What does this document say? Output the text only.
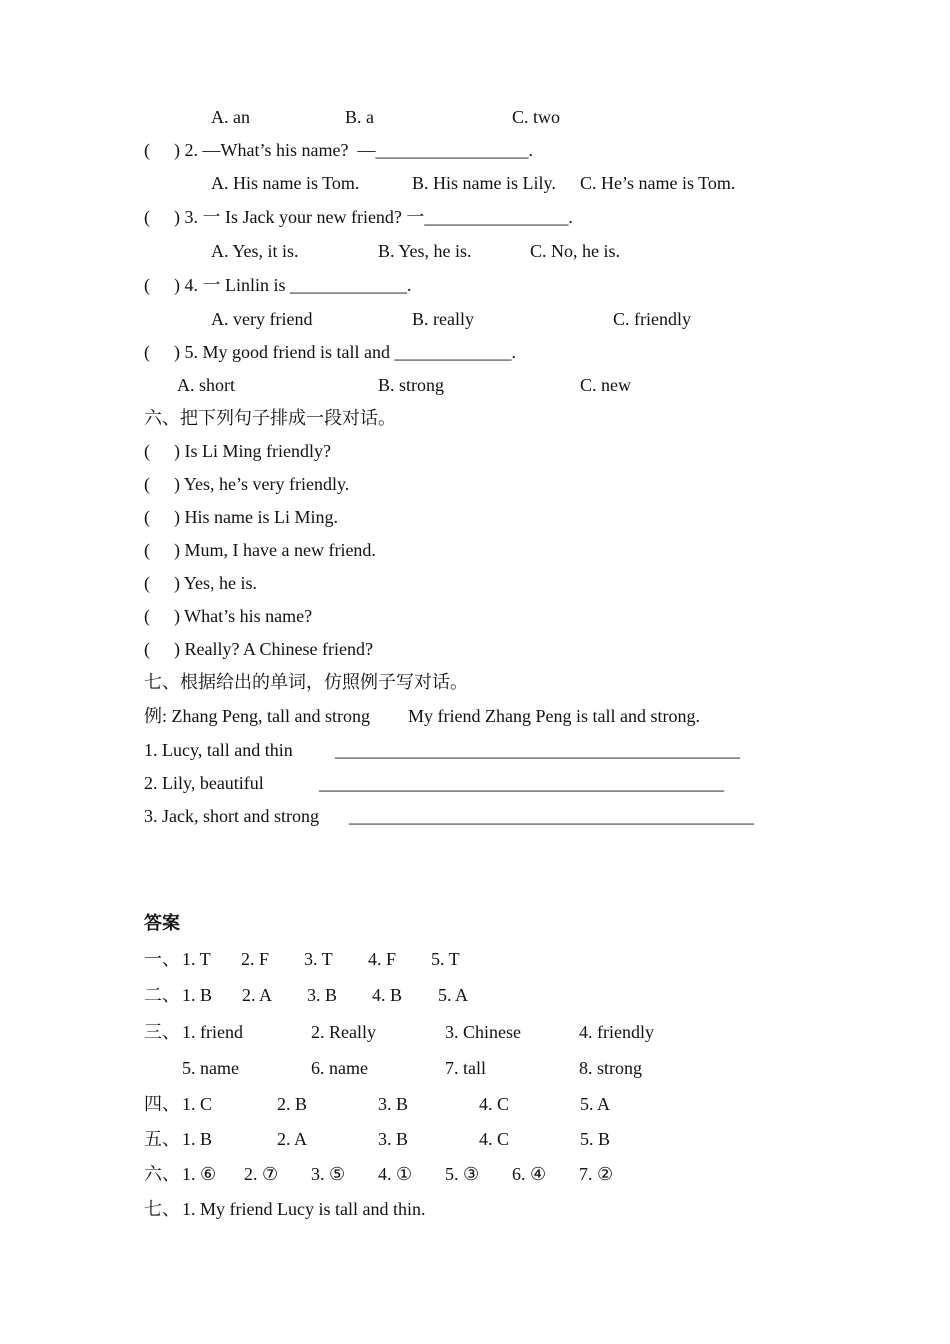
A. an	B. a	C. two
( ) 2. —What’s his name?  —_________________.
A. His name is Tom.	B. His name is Lily. C. He’s name is Tom.
( ) 3. 一 Is Jack your new friend? 一________________.
A. Yes, it is.	B. Yes, he is.	C. No, he is.
( ) 4. 一 Linlin is _____________.
A. very friend	B. really	C. friendly
( ) 5. My good friend is tall and _____________.
A. short	B. strong	C. new
六、把下列句子排成一段对话。
( ) Is Li Ming friendly?
( ) Yes, he’s very friendly.
( ) His name is Li Ming.
( ) Mum, I have a new friend.
( ) Yes, he is.
( ) What’s his name?
( ) Really? A Chinese friend?
七、根据给出的单词，仿照例子写对话。
例: Zhang Peng, tall and strong My friend Zhang Peng is tall and strong.
1. Lucy, tall and thin _____________________________________________
2. Lily, beautiful	_____________________________________________
3. Jack, short and strong _____________________________________________
答案
一、 1. T 2. F 3. T 4. F 5. T
二、 1. B 2. A 3. B 4. B 5. A
三、 1. friend	2. Really	3. Chinese	4. friendly
5. name	6. name	7. tall	8. strong
四、 1. C	2. B	3. B	4. C	5. A
五、 1. B	2. A	3. B	4. C	5. B
六、 1. ⑥ 2. ⑦ 3. ⑤ 4. ① 5. ③ 6. ④ 7. ②
七、 1. My friend Lucy is tall and thin.
